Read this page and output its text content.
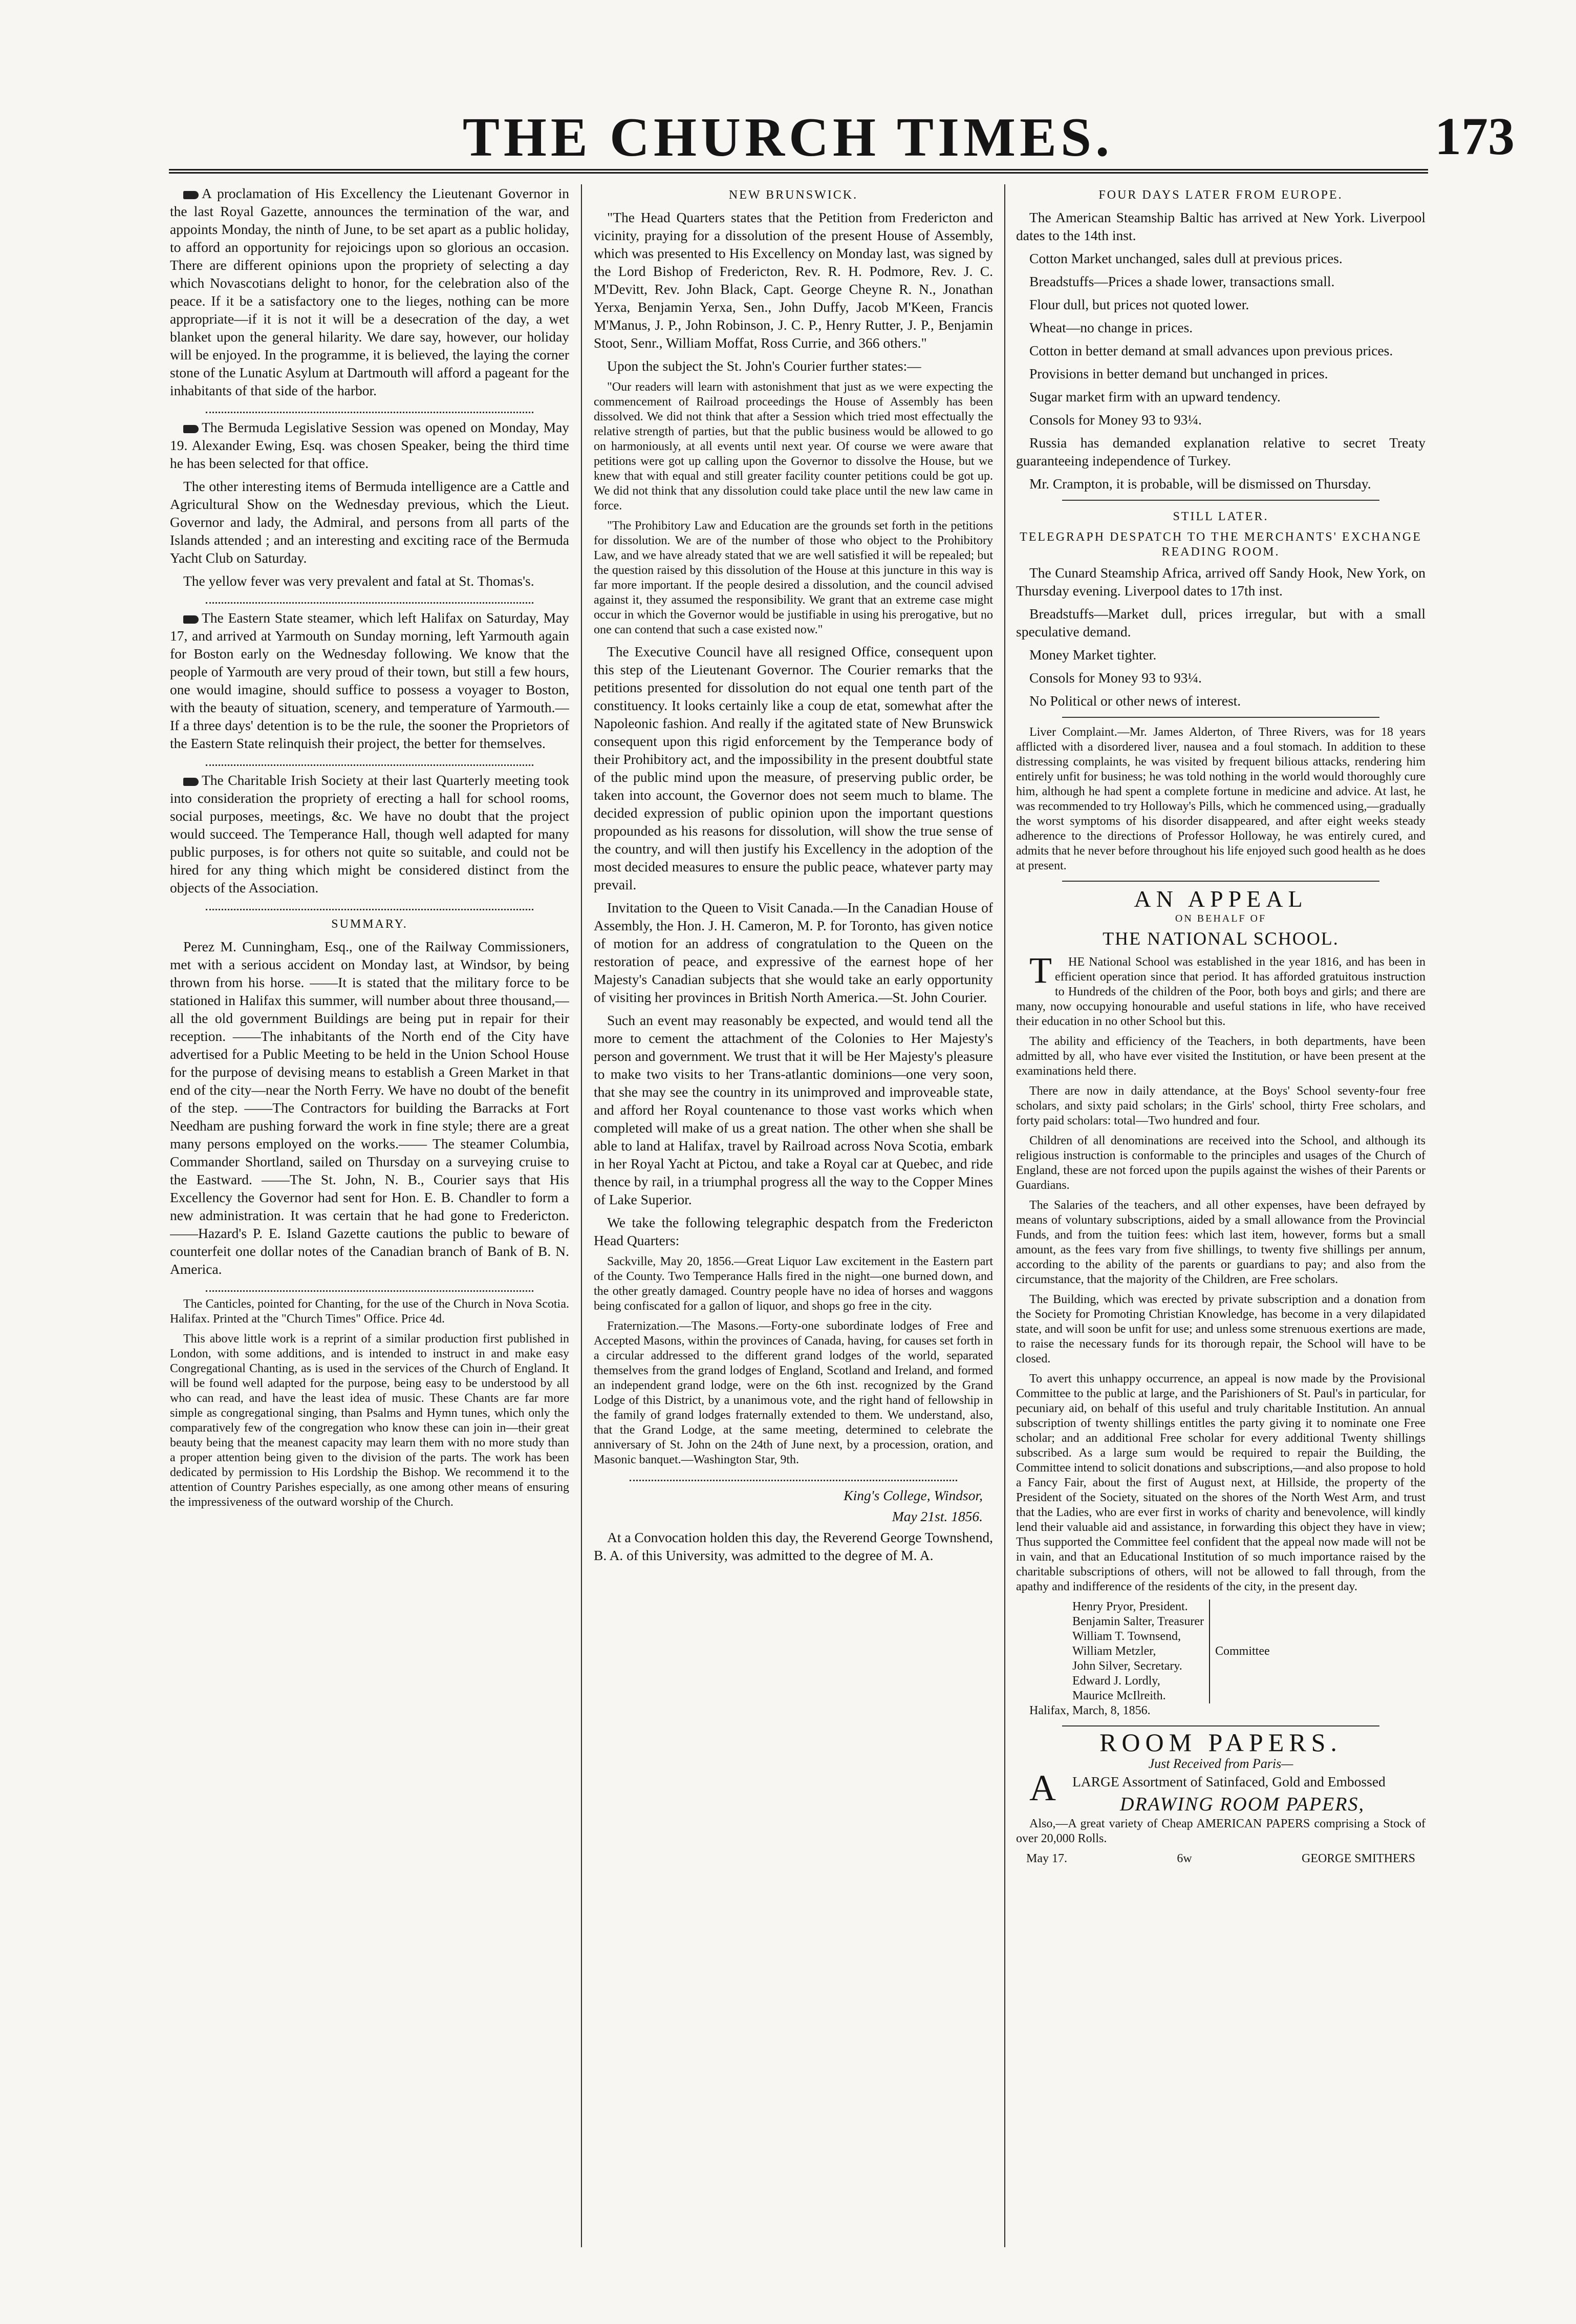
THE CHURCH TIMES.	173

A proclamation of His Excellency the Lieutenant Governor in the last Royal Gazette, announces the termination of the war, and appoints Monday, the ninth of June, to be set apart as a public holiday, to afford an opportunity for rejoicings upon so glorious an occasion. There are different opinions upon the propriety of selecting a day which Novascotians delight to honor, for the celebration also of the peace. If it be a satisfactory one to the lieges, nothing can be more appropriate—if it is not it will be a desecration of the day, a wet blanket upon the general hilarity. We dare say, however, our holiday will be enjoyed. In the programme, it is believed, the laying the corner stone of the Lunatic Asylum at Dartmouth will afford a pageant for the inhabitants of that side of the harbor.

The Bermuda Legislative Session was opened on Monday, May 19. Alexander Ewing, Esq. was chosen Speaker, being the third time he has been selected for that office.

The other interesting items of Bermuda intelligence are a Cattle and Agricultural Show on the Wednesday previous, which the Lieut. Governor and lady, the Admiral, and persons from all parts of the Islands attended ; and an interesting and exciting race of the Bermuda Yacht Club on Saturday.

The yellow fever was very prevalent and fatal at St. Thomas's.

The Eastern State steamer, which left Halifax on Saturday, May 17, and arrived at Yarmouth on Sunday morning, left Yarmouth again for Boston early on the Wednesday following. We know that the people of Yarmouth are very proud of their town, but still a few hours, one would imagine, should suffice to possess a voyager to Boston, with the beauty of situation, scenery, and temperature of Yarmouth.—If a three days' detention is to be the rule, the sooner the Proprietors of the Eastern State relinquish their project, the better for themselves.

The Charitable Irish Society at their last Quarterly meeting took into consideration the propriety of erecting a hall for school rooms, social purposes, meetings, &c. We have no doubt that the project would succeed. The Temperance Hall, though well adapted for many public purposes, is for others not quite so suitable, and could not be hired for any thing which might be considered distinct from the objects of the Association.

SUMMARY.

Perez M. Cunningham, Esq., one of the Railway Commissioners, met with a serious accident on Monday last, at Windsor, by being thrown from his horse. ——It is stated that the military force to be stationed in Halifax this summer, will number about three thousand,—all the old government Buildings are being put in repair for their reception. ——The inhabitants of the North end of the City have advertised for a Public Meeting to be held in the Union School House for the purpose of devising means to establish a Green Market in that end of the city—near the North Ferry. We have no doubt of the benefit of the step. ——The Contractors for building the Barracks at Fort Needham are pushing forward the work in fine style; there are a great many persons employed on the works.—— The steamer Columbia, Commander Shortland, sailed on Thursday on a surveying cruise to the Eastward. ——The St. John, N. B., Courier says that His Excellency the Governor had sent for Hon. E. B. Chandler to form a new administration. It was certain that he had gone to Fredericton. ——Hazard's P. E. Island Gazette cautions the public to beware of counterfeit one dollar notes of the Canadian branch of Bank of B. N. America.

The Canticles, pointed for Chanting, for the use of the Church in Nova Scotia. Halifax. Printed at the "Church Times" Office. Price 4d.

This above little work is a reprint of a similar production first published in London, with some additions, and is intended to instruct in and make easy Congregational Chanting, as is used in the services of the Church of England. It will be found well adapted for the purpose, being easy to be understood by all who can read, and have the least idea of music. These Chants are far more simple as congregational singing, than Psalms and Hymn tunes, which only the comparatively few of the congregation who know these can join in—their great beauty being that the meanest capacity may learn them with no more study than a proper attention being given to the division of the parts. The work has been dedicated by permission to His Lordship the Bishop. We recommend it to the attention of Country Parishes especially, as one among other means of ensuring the impressiveness of the outward worship of the Church.

NEW BRUNSWICK.

"The Head Quarters states that the Petition from Fredericton and vicinity, praying for a dissolution of the present House of Assembly, which was presented to His Excellency on Monday last, was signed by the Lord Bishop of Fredericton, Rev. R. H. Podmore, Rev. J. C. M'Devitt, Rev. John Black, Capt. George Cheyne R. N., Jonathan Yerxa, Benjamin Yerxa, Sen., John Duffy, Jacob M'Keen, Francis M'Manus, J. P., John Robinson, J. C. P., Henry Rutter, J. P., Benjamin Stoot, Senr., William Moffat, Ross Currie, and 366 others."

Upon the subject the St. John's Courier further states:—

"Our readers will learn with astonishment that just as we were expecting the commencement of Railroad proceedings the House of Assembly has been dissolved. We did not think that after a Session which tried most effectually the relative strength of parties, but that the public business would be allowed to go on harmoniously, at all events until next year. Of course we were aware that petitions were got up calling upon the Governor to dissolve the House, but we knew that with equal and still greater facility counter petitions could be got up. We did not think that any dissolution could take place until the new law came in force.

"The Prohibitory Law and Education are the grounds set forth in the petitions for dissolution. We are of the number of those who object to the Prohibitory Law, and we have already stated that we are well satisfied it will be repealed; but the question raised by this dissolution of the House at this juncture in this way is far more important. If the people desired a dissolution, and the council advised against it, they assumed the responsibility. We grant that an extreme case might occur in which the Governor would be justifiable in using his prerogative, but no one can contend that such a case existed now."

The Executive Council have all resigned Office, consequent upon this step of the Lieutenant Governor. The Courier remarks that the petitions presented for dissolution do not equal one tenth part of the constituency. It looks certainly like a coup de etat, somewhat after the Napoleonic fashion. And really if the agitated state of New Brunswick consequent upon this rigid enforcement by the Temperance body of their Prohibitory act, and the impossibility in the present doubtful state of the public mind upon the measure, of preserving public order, be taken into account, the Governor does not seem much to blame. The decided expression of public opinion upon the important questions propounded as his reasons for dissolution, will show the true sense of the country, and will then justify his Excellency in the adoption of the most decided measures to ensure the public peace, whatever party may prevail.

Invitation to the Queen to Visit Canada.—In the Canadian House of Assembly, the Hon. J. H. Cameron, M. P. for Toronto, has given notice of motion for an address of congratulation to the Queen on the restoration of peace, and expressive of the earnest hope of her Majesty's Canadian subjects that she would take an early opportunity of visiting her provinces in British North America.—St. John Courier.

Such an event may reasonably be expected, and would tend all the more to cement the attachment of the Colonies to Her Majesty's person and government. We trust that it will be Her Majesty's pleasure to make two visits to her Trans-atlantic dominions—one very soon, that she may see the country in its unimproved and improveable state, and afford her Royal countenance to those vast works which when completed will make of us a great nation. The other when she shall be able to land at Halifax, travel by Railroad across Nova Scotia, embark in her Royal Yacht at Pictou, and take a Royal car at Quebec, and ride thence by rail, in a triumphal progress all the way to the Copper Mines of Lake Superior.

We take the following telegraphic despatch from the Fredericton Head Quarters:

Sackville, May 20, 1856.—Great Liquor Law excitement in the Eastern part of the County. Two Temperance Halls fired in the night—one burned down, and the other greatly damaged. Country people have no idea of horses and waggons being confiscated for a gallon of liquor, and shops go free in the city.

Fraternization.—The Masons.—Forty-one subordinate lodges of Free and Accepted Masons, within the provinces of Canada, having, for causes set forth in a circular addressed to the different grand lodges of the world, separated themselves from the grand lodges of England, Scotland and Ireland, and formed an independent grand lodge, were on the 6th inst. recognized by the Grand Lodge of this District, by a unanimous vote, and the right hand of fellowship in the family of grand lodges fraternally extended to them. We understand, also, that the Grand Lodge, at the same meeting, determined to celebrate the anniversary of St. John on the 24th of June next, by a procession, oration, and Masonic banquet.—Washington Star, 9th.

King's College, Windsor,
May 21st. 1856.

At a Convocation holden this day, the Reverend George Townshend, B. A. of this University, was admitted to the degree of M. A.

FOUR DAYS LATER FROM EUROPE.

The American Steamship Baltic has arrived at New York. Liverpool dates to the 14th inst.

Cotton Market unchanged, sales dull at previous prices.

Breadstuffs—Prices a shade lower, transactions small.

Flour dull, but prices not quoted lower.

Wheat—no change in prices.

Cotton in better demand at small advances upon previous prices.

Provisions in better demand but unchanged in prices.

Sugar market firm with an upward tendency.

Consols for Money 93 to 93¼.

Russia has demanded explanation relative to secret Treaty guaranteeing independence of Turkey.

Mr. Crampton, it is probable, will be dismissed on Thursday.

STILL LATER.
TELEGRAPH DESPATCH TO THE MERCHANTS' EXCHANGE READING ROOM.

The Cunard Steamship Africa, arrived off Sandy Hook, New York, on Thursday evening. Liverpool dates to 17th inst.

Breadstuffs—Market dull, prices irregular, but with a small speculative demand.

Money Market tighter.

Consols for Money 93 to 93¼.

No Political or other news of interest.

Liver Complaint.—Mr. James Alderton, of Three Rivers, was for 18 years afflicted with a disordered liver, nausea and a foul stomach. In addition to these distressing complaints, he was visited by frequent bilious attacks, rendering him entirely unfit for business; he was told nothing in the world would thoroughly cure him, although he had spent a complete fortune in medicine and advice. At last, he was recommended to try Holloway's Pills, which he commenced using,—gradually the worst symptoms of his disorder disappeared, and after eight weeks steady adherence to the directions of Professor Holloway, he was entirely cured, and admits that he never before throughout his life enjoyed such good health as he does at present.

AN APPEAL
ON BEHALF OF
THE NATIONAL SCHOOL.

T HE National School was established in the year 1816, and has been in efficient operation since that period. It has afforded gratuitous instruction to Hundreds of the children of the Poor, both boys and girls; and there are many, now occupying honourable and useful stations in life, who have received their education in no other School but this.

The ability and efficiency of the Teachers, in both departments, have been admitted by all, who have ever visited the Institution, or have been present at the examinations held there.

There are now in daily attendance, at the Boys' School seventy-four free scholars, and sixty paid scholars; in the Girls' school, thirty Free scholars, and forty paid scholars: total—Two hundred and four.

Children of all denominations are received into the School, and although its religious instruction is conformable to the principles and usages of the Church of England, these are not forced upon the pupils against the wishes of their Parents or Guardians.

The Salaries of the teachers, and all other expenses, have been defrayed by means of voluntary subscriptions, aided by a small allowance from the Provincial Funds, and from the tuition fees: which last item, however, forms but a small amount, as the fees vary from five shillings, to twenty five shillings per annum, according to the ability of the parents or guardians to pay; and also from the circumstance, that the majority of the Children, are Free scholars.

The Building, which was erected by private subscription and a donation from the Society for Promoting Christian Knowledge, has become in a very dilapidated state, and will soon be unfit for use; and unless some strenuous exertions are made, to raise the necessary funds for its thorough repair, the School will have to be closed.

To avert this unhappy occurrence, an appeal is now made by the Provisional Committee to the public at large, and the Parishioners of St. Paul's in particular, for pecuniary aid, on behalf of this useful and truly charitable Institution. An annual subscription of twenty shillings entitles the party giving it to nominate one Free scholar; and an additional Free scholar for every additional Twenty shillings subscribed. As a large sum would be required to repair the Building, the Committee intend to solicit donations and subscriptions,—and also propose to hold a Fancy Fair, about the first of August next, at Hillside, the property of the President of the Society, situated on the shores of the North West Arm, and trust that the Ladies, who are ever first in works of charity and benevolence, will kindly lend their valuable aid and assistance, in forwarding this object they have in view; Thus supported the Committee feel confident that the appeal now made will not be in vain, and that an Educational Institution of so much importance raised by the charitable subscriptions of others, will not be allowed to fall through, from the apathy and indifference of the residents of the city, in the present day.

Henry Pryor, President.

Benjamin Salter, Treasurer

William T. Townsend,

William Metzler,

John Silver, Secretary.

Edward J. Lordly,

Maurice McIlreith.

Committee

Halifax, March, 8, 1856.

ROOM PAPERS.
Just Received from Paris—

A LARGE Assortment of Satinfaced, Gold and Embossed

DRAWING ROOM PAPERS,

Also,—A great variety of Cheap AMERICAN PAPERS comprising a Stock of over 20,000 Rolls.

May 17.	6w	GEORGE SMITHERS
